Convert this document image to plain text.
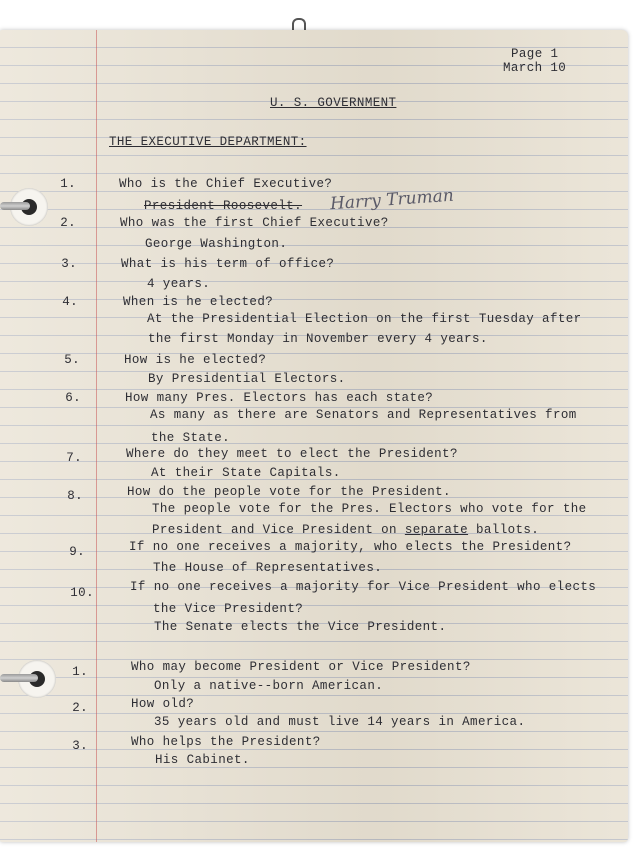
Page 1
March 10
U. S. GOVERNMENT
THE EXECUTIVE DEPARTMENT:
1.	Who is the Chief Executive?
President Roosevelt. Harry Truman
2.	Who was the first Chief Executive?
George Washington.
3.	What is his term of office?
4 years.
4.	When is he elected?
At the Presidential Election on the first Tuesday after
the first Monday in November every 4 years.
5.	How is he elected?
By Presidential Electors.
6.	How many Pres. Electors has each state?
As many as there are Senators and Representatives from
the State.
7.	Where do they meet to elect the President?
At their State Capitals.
8.	How do the people vote for the President.
The people vote for the Pres. Electors who vote for the
President and Vice President on separate ballots.
9.	If no one receives a majority, who elects the President?
The House of Representatives.
10.	If no one receives a majority for Vice President who elects
the Vice President?
The Senate elects the Vice President.
1.	Who may become President or Vice President?
Only a native--born American.
2.	How old?
35 years old and must live 14 years in America.
3.	Who helps the President?
His Cabinet.
